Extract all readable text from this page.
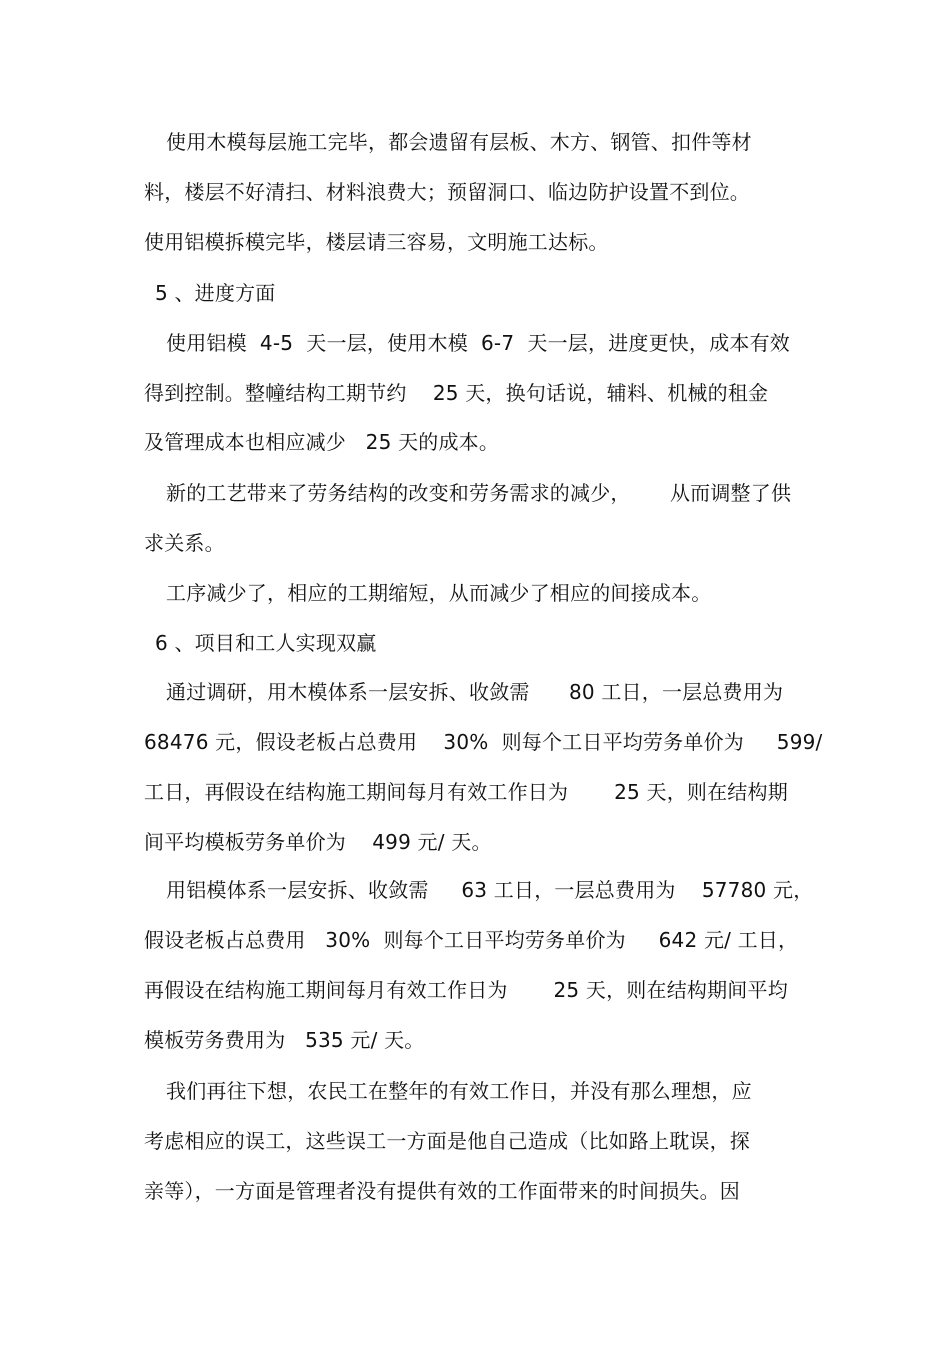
使用木模每层施工完毕，都会遗留有层板、木方、钢管、扣件等材
料，楼层不好清扫、材料浪费大；预留洞口、临边防护设置不到位。
使用铝模拆模完毕，楼层请三容易，文明施工达标。
5 、进度方面
使用铝模  4-5  天一层，使用木模  6-7  天一层，进度更快，成本有效
得到控制。整幢结构工期节约    25 天，换句话说，辅料、机械的租金
及管理成本也相应减少   25 天的成本。
新的工艺带来了劳务结构的改变和劳务需求的减少，      从而调整了供
求关系。
工序减少了，相应的工期缩短，从而减少了相应的间接成本。
6 、项目和工人实现双赢
通过调研，用木模体系一层安拆、收敛需      80 工日，一层总费用为
68476 元，假设老板占总费用    30%  则每个工日平均劳务单价为     599/
工日，再假设在结构施工期间每月有效工作日为       25 天，则在结构期
间平均模板劳务单价为    499 元/ 天。
用铝模体系一层安拆、收敛需     63 工日，一层总费用为    57780 元，
假设老板占总费用   30%  则每个工日平均劳务单价为     642 元/ 工日，
再假设在结构施工期间每月有效工作日为       25 天，则在结构期间平均
模板劳务费用为   535 元/ 天。
我们再往下想，农民工在整年的有效工作日，并没有那么理想，应
考虑相应的误工，这些误工一方面是他自己造成（比如路上耽误，探
亲等），一方面是管理者没有提供有效的工作面带来的时间损失。因
